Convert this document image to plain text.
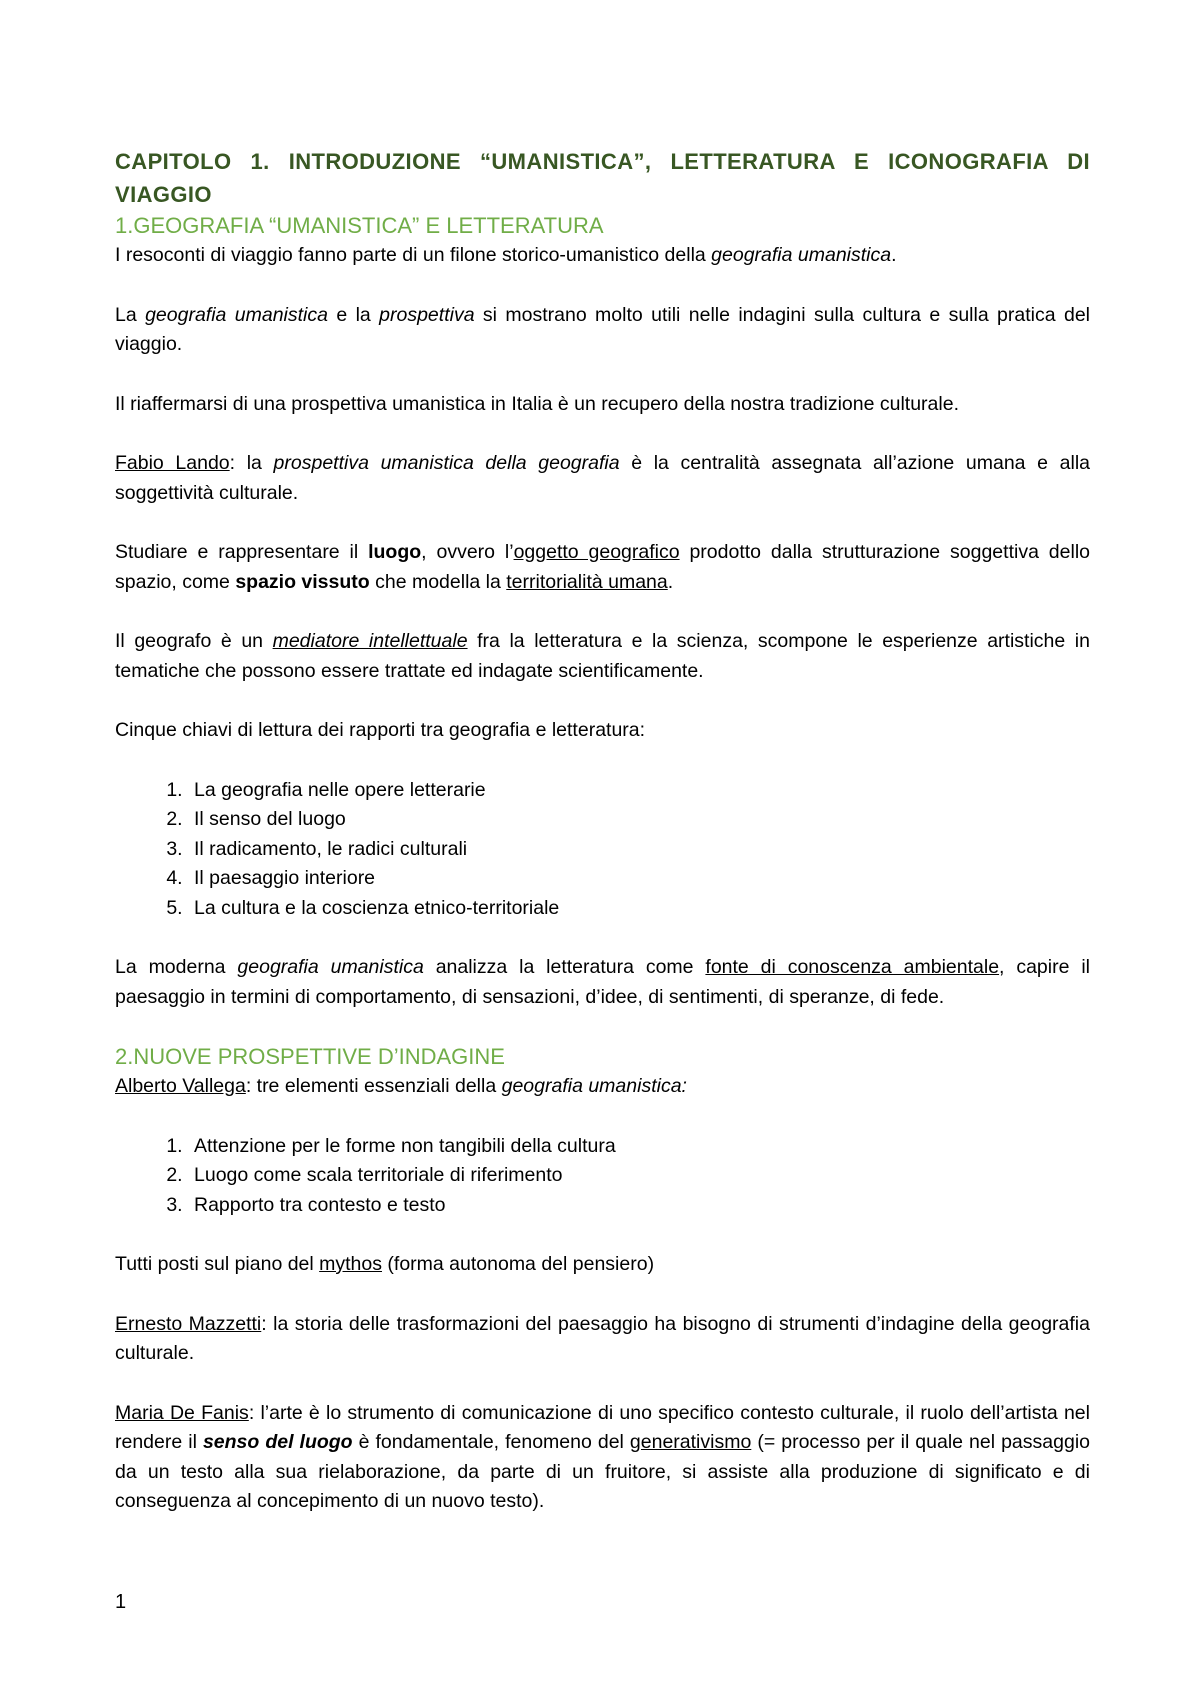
CAPITOLO 1. INTRODUZIONE “UMANISTICA”, LETTERATURA E ICONOGRAFIA DI VIAGGIO
1.GEOGRAFIA “UMANISTICA” E LETTERATURA

I resoconti di viaggio fanno parte di un filone storico-umanistico della geografia umanistica.

La geografia umanistica e la prospettiva si mostrano molto utili nelle indagini sulla cultura e sulla pratica del viaggio.

Il riaffermarsi di una prospettiva umanistica in Italia è un recupero della nostra tradizione culturale.

Fabio Lando: la prospettiva umanistica della geografia è la centralità assegnata all’azione umana e alla soggettività culturale.

Studiare e rappresentare il luogo, ovvero l’oggetto geografico prodotto dalla strutturazione soggettiva dello spazio, come spazio vissuto che modella la territorialità umana.

Il geografo è un mediatore intellettuale fra la letteratura e la scienza, scompone le esperienze artistiche in tematiche che possono essere trattate ed indagate scientificamente.

Cinque chiavi di lettura dei rapporti tra geografia e letteratura:

1. La geografia nelle opere letterarie
2. Il senso del luogo
3. Il radicamento, le radici culturali
4. Il paesaggio interiore
5. La cultura e la coscienza etnico-territoriale

La moderna geografia umanistica analizza la letteratura come fonte di conoscenza ambientale, capire il paesaggio in termini di comportamento, di sensazioni, d’idee, di sentimenti, di speranze, di fede.

2.NUOVE PROSPETTIVE D’INDAGINE

Alberto Vallega: tre elementi essenziali della geografia umanistica:

1. Attenzione per le forme non tangibili della cultura
2. Luogo come scala territoriale di riferimento
3. Rapporto tra contesto e testo

Tutti posti sul piano del mythos (forma autonoma del pensiero)

Ernesto Mazzetti: la storia delle trasformazioni del paesaggio ha bisogno di strumenti d’indagine della geografia culturale.

Maria De Fanis: l’arte è lo strumento di comunicazione di uno specifico contesto culturale, il ruolo dell’artista nel rendere il senso del luogo è fondamentale, fenomeno del generativismo (= processo per il quale nel passaggio da un testo alla sua rielaborazione, da parte di un fruitore, si assiste alla produzione di significato e di conseguenza al concepimento di un nuovo testo).

1
